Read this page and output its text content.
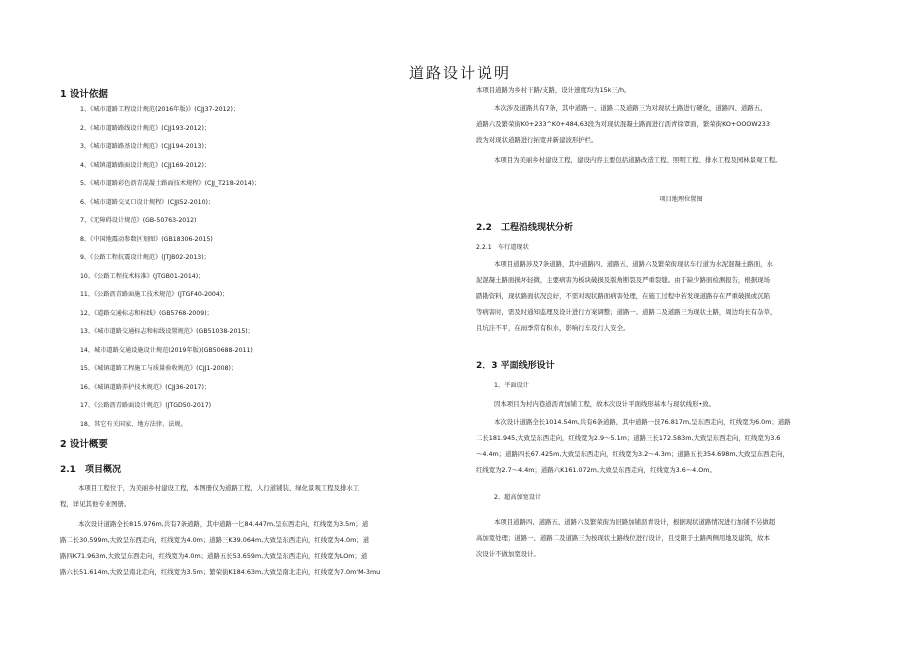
道路设计说明
1 设计依据
1、《城市道路工程设计规范(2016年版)》(CJJ37-2012)；
2、《城市道路路线设计规范》(CJJ193-2012)；
3、《城市道路路基设计规范》(CJJ194-2013)；
4、《城镇道路路面设计规范》(CJJ169-2012)；
5、《城市道路彩色沥青混凝土路面技术规程》(CJJ_T218-2014)；
6、《城市道路交叉口设计规程》(CJJI52-2010)；
7、《无障碍设计规范》(GB-50763-2012)
8、《中国地震动参数区划图》(GB18306-2015)
9、《公路工程抗震设计规范》(JTJB02-2013)；
10、《公路工程技术标准》(JTGB01-2014)；
11、《公路沥青路面施工技术规范》(JTGF40-2004)；
12、《道路交通标志和标线》(GB5768-2009)；
13、《城市道路交通标志和标线设置规范》(GB51038-2015)；
14、城市道路交通设施设计规范(2019年版)(GB50688-2011)
15、《城镇道路工程施工与质量验收规范》(CJJ1-2008)；
16、《城镇道路养护技术规范》(CJJ36-2017)；
17、《公路沥青路面设计规范》(JTGD50-2017)
18、其它有关国家、地方法律、法规。
2 设计概要
2.1　项目概况
本项目工程位于，为美丽乡村建设工程，本图册仅为道路工程，人行道铺装、绿化景观工程及排水工
程，详见其他专业图册。
本次设计道路全长815.976m,共有7条道路，其中道路一匕84.447m,呈东西走向，红线宽为3.5m；道
路二长30.599m,大致呈东西走向，红线宽为4.0m；道路三K39.064m,大致呈东西走向，红线宽为4.0m；道
路四K71.963m,大致呈东西走向，红线宽为4.0m；道路五长53.659m,大致呈东西走向，红线宽为LOm；道
路六长51.614m,大致呈南北走向，红线宽为3.5m；繁荣街K184.63m,大致呈南北走向，红线宽为7.0m'M-3mu
本项目道路为乡村干路/支路，设计速度均为15k三/h。
本次涉及道路共有7条，其中道路一、道路二及道路三为对现状土路进行硬化，道路四、道路五、
道路六及繁荣街K0+233^K0+484,63段为对现状混凝土路面进行沥青徐罩面，繁荣街KO+OOOW233
段为对现状道路进行拓宽并新建波形护栏。
本项目为美丽乡村建设工程，建设内容主要包括道路改造工程、照明工程、排水工程及园林景观工程。
项目地理位置图
2.2　工程沿线现状分析
2.2.1　车行道现状
本项目道路涉及7条道路，其中道路四、道路五、道路六及繁荣街现状车行道为水泥混凝土路面，水
泥混凝土路面损坏轻微，主要病害为板块破损及版角断裂及严重裂缝。由于缺少路面检测报告，根据现场
踏勘资料，现状路面状况良好，不需对现状路面病害处理，在施工过程中若发现道路存在严重破损或沉陷
等病害时，需及时通知监理及设计进行方案调整；道路一、道路二及道路三为现状土路，周边均长有杂草，
且坑洼不平，在雨季常有积水，影响行车及行人安全。
2．3 平面线形设计
1、平面设计
因本项目为村内巷道沥青加铺工程，故本次设计平面线形基本与现状线形•致。
本次设计道路全长1014.54m,共有6条道路，其中道路一艮76.817m,呈东西走向，红线宽为6.0m；道路
二长181.945,大致呈东西走向，红线宽为2.9～5.1m；道路三长172.583m,大致呈东西走向，红线宽为3.6
～4.4m；道路四长67.425m,大致呈东西走向，红线宽为3.2～4.3m；道路五长354.698m,大致呈东西走向，
红线宽为2.7～4.4m；道路六K161.072m,大致呈东西走向，红线宽为3.6～4.Om。
2、超高加宽设计
本项目道路四、道路五、道路六及繁荣街为旧路加铺沥青设计，根据现状道路情况进行加铺不另做超
高加宽处理；道路一、道路二及道路三为按现状土路线位进行设计，且受限于土路两侧用地及建筑，故本
次设计不做加宽设计。
